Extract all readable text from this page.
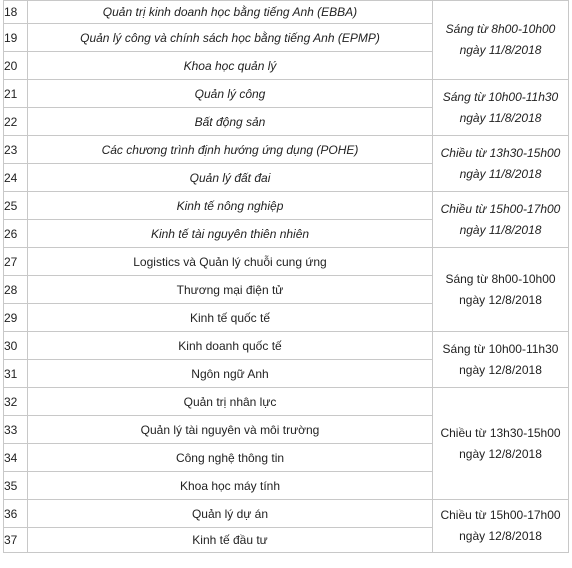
18	Quản trị kinh doanh học bằng tiếng Anh (EBBA)	Sáng từ 8h00-10h00
ngày 11/8/2018

19	Quản lý công và chính sách học bằng tiếng Anh (EPMP)	
20	Khoa học quản lý	
21	Quản lý công	Sáng từ 10h00-11h30
ngày 11/8/2018

22	Bất động sản	
23	Các chương trình định hướng ứng dụng (POHE)	Chiều từ 13h30-15h00
ngày 11/8/2018

24	Quản lý đất đai	
25	Kinh tế nông nghiệp	Chiều từ 15h00-17h00
ngày 11/8/2018

26	Kinh tế tài nguyên thiên nhiên	
27	Logistics và Quản lý chuỗi cung ứng	Sáng từ 8h00-10h00
ngày 12/8/2018

28	Thương mại điện tử	
29	Kinh tế quốc tế	
30	Kinh doanh quốc tế	Sáng từ 10h00-11h30
ngày 12/8/2018

31	Ngôn ngữ Anh	
32	Quản trị nhân lực	Chiều từ 13h30-15h00
ngày 12/8/2018

33	Quản lý tài nguyên và môi trường	
34	Công nghệ thông tin	
35	Khoa học máy tính	
36	Quản lý dự án	Chiều từ 15h00-17h00
ngày 12/8/2018

37	Kinh tế đầu tư	
